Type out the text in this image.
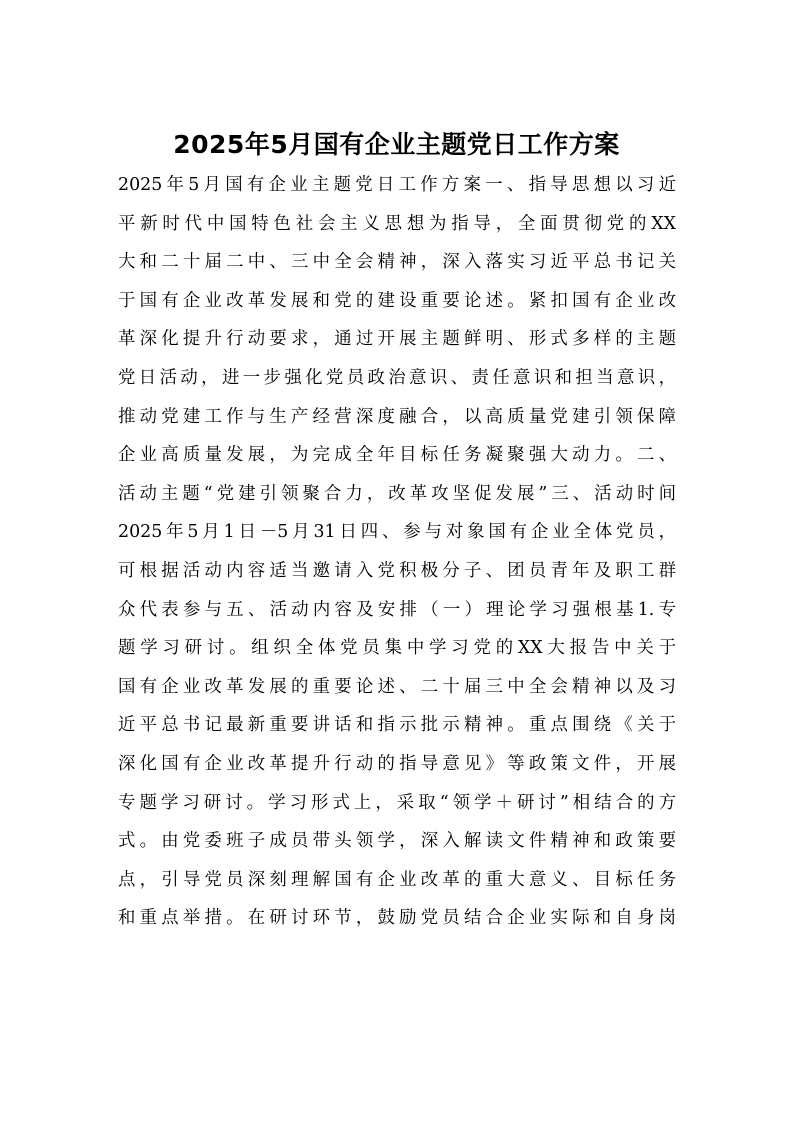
2025年5月国有企业主题党日工作方案
2025年5月国有企业主题党日工作方案一、指导思想以习近
平新时代中国特色社会主义思想为指导，全面贯彻党的XX
大和二十届二中、三中全会精神，深入落实习近平总书记关
于国有企业改革发展和党的建设重要论述。紧扣国有企业改
革深化提升行动要求，通过开展主题鲜明、形式多样的主题
党日活动，进一步强化党员政治意识、责任意识和担当意识，
推动党建工作与生产经营深度融合，以高质量党建引领保障
企业高质量发展，为完成全年目标任务凝聚强大动力。二、
活动主题“党建引领聚合力，改革攻坚促发展”三、活动时间
2025年5月1日－5月31日四、参与对象国有企业全体党员，
可根据活动内容适当邀请入党积极分子、团员青年及职工群
众代表参与五、活动内容及安排（一）理论学习强根基1.专
题学习研讨。组织全体党员集中学习党的XX大报告中关于
国有企业改革发展的重要论述、二十届三中全会精神以及习
近平总书记最新重要讲话和指示批示精神。重点围绕《关于
深化国有企业改革提升行动的指导意见》等政策文件，开展
专题学习研讨。学习形式上，采取“领学＋研讨”相结合的方
式。由党委班子成员带头领学，深入解读文件精神和政策要
点，引导党员深刻理解国有企业改革的重大意义、目标任务
和重点举措。在研讨环节，鼓励党员结合企业实际和自身岗
